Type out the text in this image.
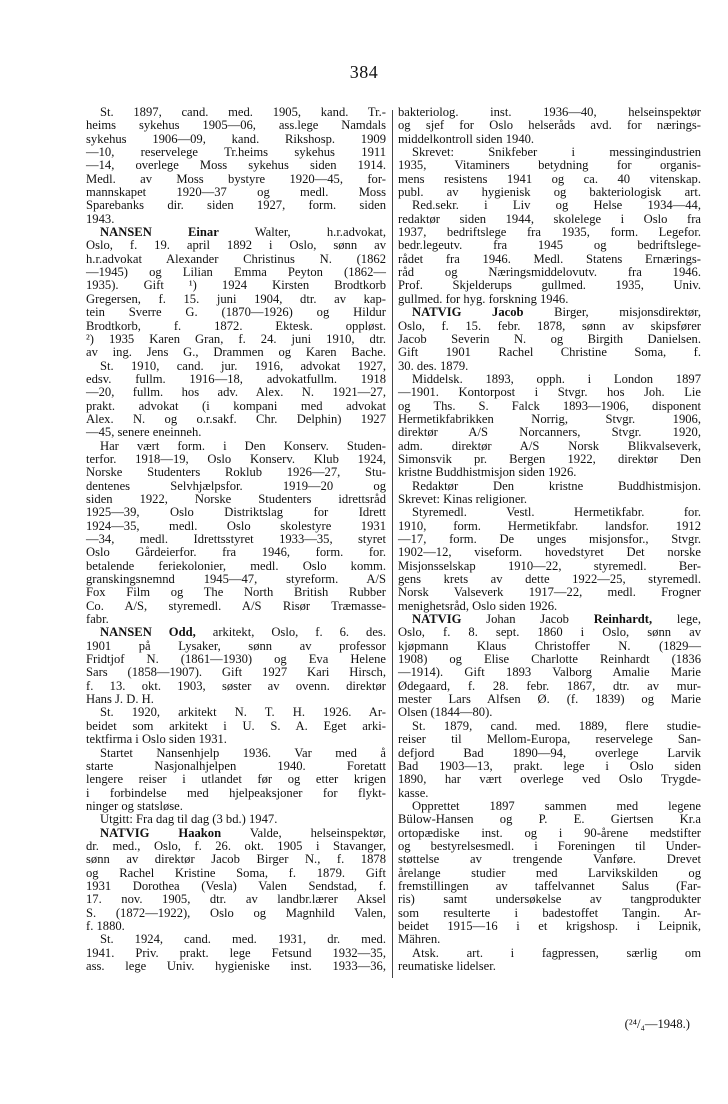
384
St. 1897, cand. med. 1905, kand. Tr.-
heims sykehus 1905—06, ass.lege Namdals
sykehus 1906—09, kand. Rikshosp. 1909
—10, reservelege Tr.heims sykehus 1911
—14, overlege Moss sykehus siden 1914.
Medl. av Moss bystyre 1920—45, for-
mannskapet 1920—37 og medl. Moss
Sparebanks dir. siden 1927, form. siden
1943.
NANSEN Einar Walter, h.r.advokat,
Oslo, f. 19. april 1892 i Oslo, sønn av
h.r.advokat Alexander Christinus N. (1862
—1945) og Lilian Emma Peyton (1862—
1935). Gift ¹) 1924 Kirsten Brodtkorb
Gregersen, f. 15. juni 1904, dtr. av kap-
tein Sverre G. (1870—1926) og Hildur
Brodtkorb, f. 1872. Ektesk. oppløst.
²) 1935 Karen Gran, f. 24. juni 1910, dtr.
av ing. Jens G., Drammen og Karen Bache.
St. 1910, cand. jur. 1916, advokat 1927,
edsv. fullm. 1916—18, advokatfullm. 1918
—20, fullm. hos adv. Alex. N. 1921—27,
prakt. advokat (i kompani med advokat
Alex. N. og o.r.sakf. Chr. Delphin) 1927
—45, senere eneinneh.
Har vært form. i Den Konserv. Studen-
terfor. 1918—19, Oslo Konserv. Klub 1924,
Norske Studenters Roklub 1926—27, Stu-
dentenes Selvhjælpsfor. 1919—20 og
siden 1922, Norske Studenters idrettsråd
1925—39, Oslo Distriktslag for Idrett
1924—35, medl. Oslo skolestyre 1931
—34, medl. Idrettsstyret 1933—35, styret
Oslo Gårdeierfor. fra 1946, form. for.
betalende feriekolonier, medl. Oslo komm.
granskingsnemnd 1945—47, styreform. A/S
Fox Film og The North British Rubber
Co. A/S, styremedl. A/S Risør Træmasse-
fabr.
NANSEN Odd, arkitekt, Oslo, f. 6. des.
1901 på Lysaker, sønn av professor
Fridtjof N. (1861—1930) og Eva Helene
Sars (1858—1907). Gift 1927 Kari Hirsch,
f. 13. okt. 1903, søster av ovenn. direktør
Hans J. D. H.
St. 1920, arkitekt N. T. H. 1926. Ar-
beidet som arkitekt i U. S. A. Eget arki-
tektfirma i Oslo siden 1931.
Startet Nansenhjelp 1936. Var med å
starte Nasjonalhjelpen 1940. Foretatt
lengere reiser i utlandet før og etter krigen
i forbindelse med hjelpeaksjoner for flykt-
ninger og statsløse.
Utgitt: Fra dag til dag (3 bd.) 1947.
NATVIG Haakon Valde, helseinspektør,
dr. med., Oslo, f. 26. okt. 1905 i Stavanger,
sønn av direktør Jacob Birger N., f. 1878
og Rachel Kristine Soma, f. 1879. Gift
1931 Dorothea (Vesla) Valen Sendstad, f.
17. nov. 1905, dtr. av landbr.lærer Aksel
S. (1872—1922), Oslo og Magnhild Valen,
f. 1880.
St. 1924, cand. med. 1931, dr. med.
1941. Priv. prakt. lege Fetsund 1932—35,
ass. lege Univ. hygieniske inst. 1933—36,
bakteriolog. inst. 1936—40, helseinspektør
og sjef for Oslo helseråds avd. for nærings-
middelkontroll siden 1940.
Skrevet: Snikfeber i messingindustrien
1935, Vitaminers betydning for organis-
mens resistens 1941 og ca. 40 vitenskap.
publ. av hygienisk og bakteriologisk art.
Red.sekr. i Liv og Helse 1934—44,
redaktør siden 1944, skolelege i Oslo fra
1937, bedriftslege fra 1935, form. Legefor.
bedr.legeutv. fra 1945 og bedriftslege-
rådet fra 1946. Medl. Statens Ernærings-
råd og Næringsmiddelovutv. fra 1946.
Prof. Skjelderups gullmed. 1935, Univ.
gullmed. for hyg. forskning 1946.
NATVIG Jacob Birger, misjonsdirektør,
Oslo, f. 15. febr. 1878, sønn av skipsfører
Jacob Severin N. og Birgith Danielsen.
Gift 1901 Rachel Christine Soma, f.
30. des. 1879.
Middelsk. 1893, opph. i London 1897
—1901. Kontorpost i Stvgr. hos Joh. Lie
og Ths. S. Falck 1893—1906, disponent
Hermetikfabrikken Norrig, Stvgr. 1906,
direktør A/S Norcanners, Stvgr. 1920,
adm. direktør A/S Norsk Blikvalseverk,
Simonsvik pr. Bergen 1922, direktør Den
kristne Buddhistmisjon siden 1926.
Redaktør Den kristne Buddhistmisjon.
Skrevet: Kinas religioner.
Styremedl. Vestl. Hermetikfabr. for.
1910, form. Hermetikfabr. landsfor. 1912
—17, form. De unges misjonsfor., Stvgr.
1902—12, viseform. hovedstyret Det norske
Misjonsselskap 1910—22, styremedl. Ber-
gens krets av dette 1922—25, styremedl.
Norsk Valseverk 1917—22, medl. Frogner
menighetsråd, Oslo siden 1926.
NATVIG Johan Jacob Reinhardt, lege,
Oslo, f. 8. sept. 1860 i Oslo, sønn av
kjøpmann Klaus Christoffer N. (1829—
1908) og Elise Charlotte Reinhardt (1836
—1914). Gift 1893 Valborg Amalie Marie
Ødegaard, f. 28. febr. 1867, dtr. av mur-
mester Lars Alfsen Ø. (f. 1839) og Marie
Olsen (1844—80).
St. 1879, cand. med. 1889, flere studie-
reiser til Mellom-Europa, reservelege San-
defjord Bad 1890—94, overlege Larvik
Bad 1903—13, prakt. lege i Oslo siden
1890, har vært overlege ved Oslo Trygde-
kasse.
Opprettet 1897 sammen med legene
Bülow-Hansen og P. E. Giertsen Kr.a
ortopædiske inst. og i 90-årene medstifter
og bestyrelsesmedl. i Foreningen til Under-
støttelse av trengende Vanføre. Drevet
årelange studier med Larvikskilden og
fremstillingen av taffelvannet Salus (Far-
ris) samt undersøkelse av tangprodukter
som resulterte i badestoffet Tangin. Ar-
beidet 1915—16 i et krigshosp. i Leipnik,
Mähren.
Atsk. art. i fagpressen, særlig om
reumatiske lidelser.
(²⁴/₄—1948.)
